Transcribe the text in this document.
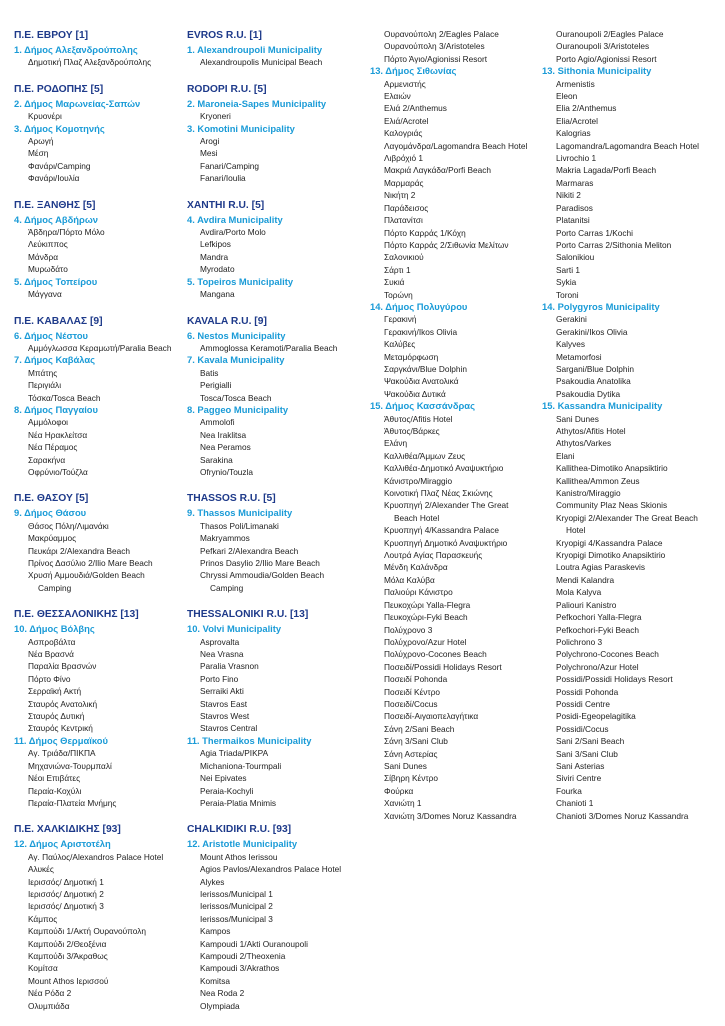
Π.Ε. ΕΒΡΟΥ [1]
1. Δήμος Αλεξανδρούπολης
Δημοτική Πλαζ Αλεξανδρούπολης
Π.Ε. ΡΟΔΟΠΗΣ [5]
2. Δήμος Μαρωνείας-Σαπών
Κρυονέρι
3. Δήμος Κομοτηνής
Αρωγή
Μέση
Φανάρι/Camping
Φανάρι/Ιουλία
Π.Ε. ΞΑΝΘΗΣ [5]
4. Δήμος Αβδήρων
Άβδηρα/Πόρτο Μόλο
Λεύκιππος
Μάνδρα
Μυρωδάτο
5. Δήμος Τοπείρου
Μάγγανα
Π.Ε. ΚΑΒΑΛΑΣ [9]
6. Δήμος Νέστου
Αμμόγλωσσα Κεραμωτή/Paralia Beach
7. Δήμος Καβάλας
Μπάτης
Περιγιάλι
Τόσκα/Tosca Beach
8. Δήμος Παγγαίου
Αμμόλοφοι
Νέα Ηρακλείτσα
Νέα Πέραμος
Σαρακήνα
Οφρύνιο/Τούζλα
Π.Ε. ΘΑΣΟΥ [5]
9. Δήμος Θάσου
Θάσος Πόλη/Λιμανάκι
Μακρύαμμος
Πευκάρι 2/Alexandra Beach
Πρίνος Δασύλιο 2/Ilio Mare Beach
Χρυσή Αμμουδιά/Golden Beach
Camping
Π.Ε. ΘΕΣΣΑΛΟΝΙΚΗΣ [13]
10. Δήμος Βόλβης
Ασπροβάλτα
Νέα Βρασνά
Παραλία Βρασνών
Πόρτο Φίνο
Σερραϊκή Ακτή
Σταυρός Ανατολική
Σταυρός Δυτική
Σταυρός Κεντρική
11. Δήμος Θερμαϊκού
Αγ. Τριάδα/ΠΙΚΠΑ
Μηχανιώνα-Τουρμπαλί
Νέοι Επιβάτες
Περαία-Κοχύλι
Περαία-Πλατεία Μνήμης
Π.Ε. ΧΑΛΚΙΔΙΚΗΣ [93]
12. Δήμος Αριστοτέλη
Αγ. Παύλος/Alexandros Palace Hotel
Αλυκές
Ιερισσός/ Δημοτική 1
Ιερισσός/ Δημοτική 2
Ιερισσός/ Δημοτική 3
Κάμπος
Καμπούδι 1/Ακτή Ουρανούπολη
Καμπούδι 2/Θεοξένια
Καμπούδι 3/Άκραθως
Κομίτσα
Mount Athos Ιερισσού
Νέα Ρόδα 2
Ολυμπιάδα
EVROS R.U. [1]
1. Alexandroupoli Municipality
Alexandroupolis Municipal Beach
RODOPI R.U. [5]
2. Maroneia-Sapes Municipality
Kryoneri
3. Komotini Municipality
Arogi
Mesi
Fanari/Camping
Fanari/Ioulia
XANTHI R.U. [5]
4. Avdira Municipality
Avdira/Porto Molo
Lefkipos
Mandra
Myrodato
5. Topeiros Municipality
Mangana
KAVALA R.U. [9]
6. Nestos Municipality
Ammoglossa Keramoti/Paralia Beach
7. Kavala Municipality
Batis
Perigialli
Tosca/Tosca Beach
8. Paggeo Municipality
Ammolofi
Nea Iraklitsa
Nea Peramos
Sarakina
Ofrynio/Touzla
THASSOS R.U. [5]
9. Thassos Municipality
Thasos Poli/Limanaki
Makryammos
Pefkari 2/Alexandra Beach
Prinos Dasylio 2/Ilio Mare Beach
Chryssi Ammoudia/Golden Beach
Camping
THESSALONIKI R.U. [13]
10. Volvi Municipality
Asprovalta
Nea Vrasna
Paralia Vrasnon
Porto Fino
Serraiki Akti
Stavros East
Stavros West
Stavros Central
11. Thermaikos Municipality
Agia Triada/PIKPA
Michaniona-Tourmpali
Nei Epivates
Peraia-Kochyli
Peraia-Platia Mnimis
CHALKIDIKI R.U. [93]
12. Aristotle Municipality
Mount Athos Ierissou
Agios Pavlos/Alexandros Palace Hotel
Alykes
Ierissos/Municipal 1
Ierissos/Municipal 2
Ierissos/Municipal 3
Kampos
Kampoudi 1/Akti Ouranoupoli
Kampoudi 2/Theoxenia
Kampoudi 3/Akrathos
Komitsa
Nea Roda 2
Olympiada
Ουρανούπολη 2/Eagles Palace
Ουρανούπολη 3/Aristoteles
Πόρτο Άγιο/Agionissi Resort
13. Δήμος Σιθωνίας
Αρμενιστής
Ελαιών
Ελιά 2/Anthemus
Ελιά/Acrotel
Καλογριάς
Λαγομάνδρα/Lagomandra Beach Hotel
Λιβρόχιό 1
Μακριά Λαγκάδα/Porfi Beach
Μαρμαράς
Νικήτη 2
Παράδεισος
Πλατανίτσι
Πόρτο Καρράς 1/Κόχη
Πόρτο Καρράς 2/Σιθωνία Μελίτων
Σαλονικιού
Σάρτι 1
Συκιά
Τορώνη
14. Δήμος Πολυγύρου
Γερακινή
Γερακινή/Ikos Olivia
Καλύβες
Μεταμόρφωση
Σαργκάνι/Blue Dolphin
Ψακούδια Ανατολικά
Ψακούδια Δυτικά
15. Δήμος Κασσάνδρας
Άθυτος/Afitis Hotel
Άθυτος/Βάρκες
Ελάνη
Καλλιθέα/Άμμων Ζευς
Καλλιθέα-Δημοτικό Αναψυκτήριο
Κάνιστρο/Miraggio
Κοινοτική Πλαζ Νέας Σκιώνης
Κρυοπηγή 2/Alexander The Great
Beach Hotel
Κρυοπηγή 4/Kassandra Palace
Κρυοπηγή Δημοτικό Αναψυκτήριο
Λουτρά Αγίας Παρασκευής
Μένδη Καλάνδρα
Μόλα Καλύβα
Παλιούρι Κάνιστρο
Πευκοχώρι Yalla-Flegra
Πευκοχώρι-Fyki Beach
Πολύχρονο 3
Πολύχρονο/Azur Hotel
Πολύχρονο-Cocones Beach
Ποσειδί/Possidi Holidays Resort
Ποσειδί Pohonda
Ποσειδί Κέντρο
Ποσειδί/Cocus
Ποσειδί-Αιγαιοπελαγήτικα
Σάνη 2/Sani Beach
Σάνη 3/Sani Club
Σάνη Αστερίας
Sani Dunes
Σίβηρη Κέντρο
Φούρκα
Χανιώτη 1
Χανιώτη 3/Domes Noruz Kassandra
Ouranoupoli 2/Eagles Palace
Ouranoupoli 3/Aristoteles
Porto Agio/Agionissi Resort
13. Sithonia Municipality
Armenistis
Eleon
Elia 2/Anthemus
Elia/Acrotel
Kalogrias
Lagomandra/Lagomandra Beach Hotel
Livrochio 1
Makria Lagada/Porfi Beach
Marmaras
Nikiti 2
Paradisos
Platanitsi
Porto Carras 1/Kochi
Porto Carras 2/Sithonia Meliton
Salonikiou
Sarti 1
Sykia
Toroni
14. Polygyros Municipality
Gerakini
Gerakini/Ikos Olivia
Kalyves
Metamorfosi
Sargani/Blue Dolphin
Psakoudia Anatolika
Psakoudia Dytika
15. Kassandra Municipality
Sani Dunes
Athytos/Afitis Hotel
Athytos/Varkes
Elani
Kallithea-Dimotiko Anapsiktirio
Kallithea/Ammon Zeus
Kanistro/Miraggio
Community Plaz Neas Skionis
Kryopigi 2/Alexander The Great Beach
Hotel
Kryopigi 4/Kassandra Palace
Kryopigi Dimotiko Anapsiktirio
Loutra Agias Paraskevis
Mendi Kalandra
Mola Kalyva
Paliouri Kanistro
Pefkochori Yalla-Flegra
Pefkochori-Fyki Beach
Polichrono 3
Polychrono-Cocones Beach
Polychrono/Azur Hotel
Possidi/Possidi Holidays Resort
Possidi Pohonda
Possidi Centre
Posidi-Egeopelagitika
Possidi/Cocus
Sani 2/Sani Beach
Sani 3/Sani Club
Sani Asterias
Siviri Centre
Fourka
Chanioti 1
Chanioti 3/Domes Noruz Kassandra
